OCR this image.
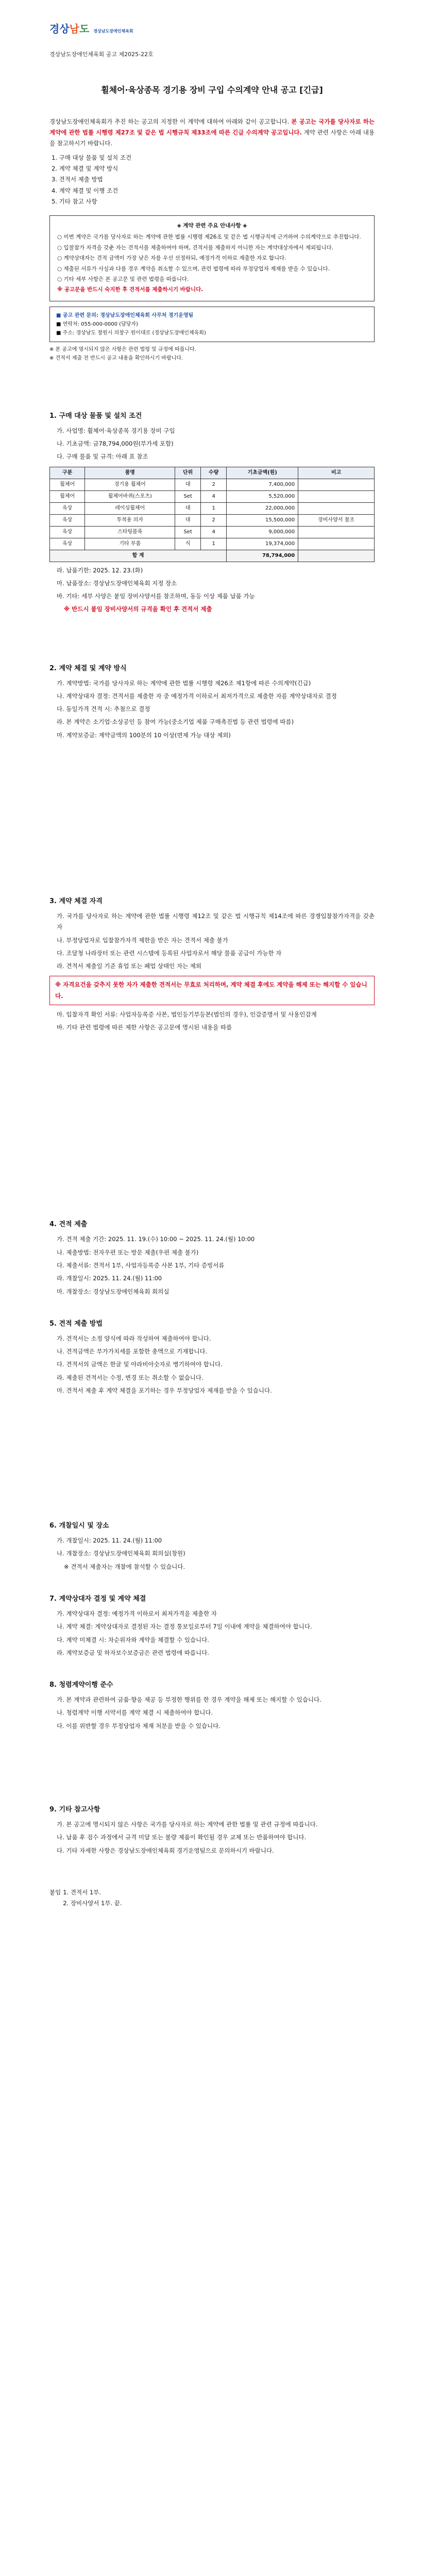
경상 남 도 경상남도장애인체육회
경상남도장애인체육회 공고 제2025-22호
휠체어·육상종목 경기용 장비 구입 수의계약 안내 공고 [긴급]
경상남도장애인체육회가 추진 하는 공고의 지정한 이 계약에 대하여 아래와 같이 공고합니다. 본 공고는 국가를 당사자로 하는 계약에 관한 법률 시행령 제27조 및 같은 법 시행규칙 제33조에 따른 긴급 수의계약 공고입니다. 계약 관련 사항은 아래 내용을 참고하시기 바랍니다.
1. 구매 대상 물품 및 설치 조건
2. 계약 체결 및 계약 방식
3. 견적서 제출 방법
4. 계약 체결 및 이행 조건
5. 기타 참고 사항
◈ 계약 관련 주요 안내사항 ◈

○ 이번 계약은 국가를 당사자로 하는 계약에 관한 법률 시행령 제26조 및 같은 법 시행규칙에 근거하여 수의계약으로 추진합니다.

○ 입찰참가 자격을 갖춘 자는 견적서를 제출하여야 하며, 견적서를 제출하지 아니한 자는 계약대상자에서 제외됩니다.

○ 계약상대자는 견적 금액이 가장 낮은 자를 우선 선정하되, 예정가격 이하로 제출한 자로 합니다.

○ 제출된 서류가 사실과 다를 경우 계약을 취소할 수 있으며, 관련 법령에 따라 부정당업자 제재를 받을 수 있습니다.

○ 기타 세부 사항은 본 공고문 및 관련 법령을 따릅니다.

※ 공고문을 반드시 숙지한 후 견적서를 제출하시기 바랍니다.

■ 공고 관련 문의: 경상남도장애인체육회 사무처 경기운영팀
■ 연락처: 055-000-0000 (담당자)
■ 주소: 경상남도 창원시 의창구 원이대로 (경상남도장애인체육회)
※ 본 공고에 명시되지 않은 사항은 관련 법령 및 규정에 따릅니다.
※ 견적서 제출 전 반드시 공고 내용을 확인하시기 바랍니다.
1. 구매 대상 물품 및 설치 조건
가. 사업명: 휠체어·육상종목 경기용 장비 구입
나. 기초금액: 금78,794,000원(부가세 포함)
다. 구매 물품 및 규격: 아래 표 참조
구분	품명	단위	수량	기초금액(원)	비고
휠체어	경기용 휠체어	대	2	7,400,000	
휠체어	휠체어바퀴(스포츠)	Set	4	5,520,000	
육상	레이싱휠체어	대	1	22,000,000	
육상	투척용 의자	대	2	15,500,000	장비사양서 참조
육상	스타팅블록	Set	4	9,000,000	
육상	기타 부품	식	1	19,374,000	
합 계				78,794,000	
라. 납품기한: 2025. 12. 23.(화)
마. 납품장소: 경상남도장애인체육회 지정 장소
바. 기타: 세부 사양은 붙임 장비사양서를 참조하며, 동등 이상 제품 납품 가능
※ 반드시 붙임 장비사양서의 규격을 확인 후 견적서 제출
2. 계약 체결 및 계약 방식
가. 계약방법: 국가를 당사자로 하는 계약에 관한 법률 시행령 제26조 제1항에 따른 수의계약(긴급)
나. 계약상대자 결정: 견적서를 제출한 자 중 예정가격 이하로서 최저가격으로 제출한 자를 계약상대자로 결정
다. 동일가격 견적 시: 추첨으로 결정
라. 본 계약은 소기업·소상공인 등 참여 가능(중소기업 제품 구매촉진법 등 관련 법령에 따름)
마. 계약보증금: 계약금액의 100분의 10 이상(면제 가능 대상 제외)
3. 계약 체결 자격
가. 국가를 당사자로 하는 계약에 관한 법률 시행령 제12조 및 같은 법 시행규칙 제14조에 따른 경쟁입찰참가자격을 갖춘 자
나. 부정당업자로 입찰참가자격 제한을 받은 자는 견적서 제출 불가
다. 조달청 나라장터 또는 관련 시스템에 등록된 사업자로서 해당 물품 공급이 가능한 자
라. 견적서 제출일 기준 휴업 또는 폐업 상태인 자는 제외
※ 자격요건을 갖추지 못한 자가 제출한 견적서는 무효로 처리하며, 계약 체결 후에도 계약을 해제 또는 해지할 수 있습니다.
마. 입찰자격 확인 서류: 사업자등록증 사본, 법인등기부등본(법인의 경우), 인감증명서 및 사용인감계
바. 기타 관련 법령에 따른 제한 사항은 공고문에 명시된 내용을 따름
4. 견적 제출
가. 견적 제출 기간: 2025. 11. 19.(수) 10:00 ~ 2025. 11. 24.(월) 10:00
나. 제출방법: 전자우편 또는 방문 제출(우편 제출 불가)
다. 제출서류: 견적서 1부, 사업자등록증 사본 1부, 기타 증빙서류
라. 개찰일시: 2025. 11. 24.(월) 11:00
마. 개찰장소: 경상남도장애인체육회 회의실
5. 견적 제출 방법
가. 견적서는 소정 양식에 따라 작성하여 제출하여야 합니다.
나. 견적금액은 부가가치세를 포함한 총액으로 기재합니다.
다. 견적서의 금액은 한글 및 아라비아숫자로 병기하여야 합니다.
라. 제출된 견적서는 수정, 변경 또는 취소할 수 없습니다.
마. 견적서 제출 후 계약 체결을 포기하는 경우 부정당업자 제재를 받을 수 있습니다.
6. 개찰일시 및 장소
가. 개찰일시: 2025. 11. 24.(월) 11:00
나. 개찰장소: 경상남도장애인체육회 회의실(창원)
※ 견적서 제출자는 개찰에 참석할 수 있습니다.
7. 계약상대자 결정 및 계약 체결
가. 계약상대자 결정: 예정가격 이하로서 최저가격을 제출한 자
나. 계약 체결: 계약상대자로 결정된 자는 결정 통보일로부터 7일 이내에 계약을 체결하여야 합니다.
다. 계약 미체결 시: 차순위자와 계약을 체결할 수 있습니다.
라. 계약보증금 및 하자보수보증금은 관련 법령에 따릅니다.
8. 청렴계약이행 준수
가. 본 계약과 관련하여 금품·향응 제공 등 부정한 행위를 한 경우 계약을 해제 또는 해지할 수 있습니다.
나. 청렴계약 이행 서약서를 계약 체결 시 제출하여야 합니다.
다. 이를 위반할 경우 부정당업자 제재 처분을 받을 수 있습니다.
9. 기타 참고사항
가. 본 공고에 명시되지 않은 사항은 국가를 당사자로 하는 계약에 관한 법률 및 관련 규정에 따릅니다.
나. 납품 후 검수 과정에서 규격 미달 또는 불량 제품이 확인될 경우 교체 또는 반품하여야 합니다.
다. 기타 자세한 사항은 경상남도장애인체육회 경기운영팀으로 문의하시기 바랍니다.
붙임 1. 견적서 1부.
2. 장비사양서 1부. 끝.
